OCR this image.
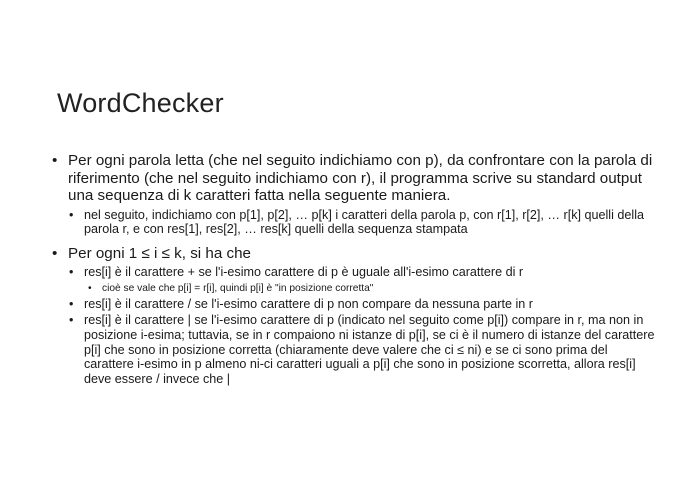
WordChecker
• Per ogni parola letta (che nel seguito indichiamo con p), da confrontare con la parola di riferimento (che nel seguito indichiamo con r), il programma scrive su standard output una sequenza di k caratteri fatta nella seguente maniera.
• nel seguito, indichiamo con p[1], p[2], … p[k] i caratteri della parola p, con r[1], r[2], … r[k] quelli della parola r, e con res[1], res[2], … res[k] quelli della sequenza stampata
• Per ogni 1 ≤ i ≤ k, si ha che
• res[i] è il carattere + se l'i-esimo carattere di p è uguale all'i-esimo carattere di r
• cioè se vale che p[i] = r[i], quindi p[i] è "in posizione corretta"
• res[i] è il carattere / se l'i-esimo carattere di p non compare da nessuna parte in r
• res[i] è il carattere | se l'i-esimo carattere di p (indicato nel seguito come p[i]) compare in r, ma non in posizione i-esima; tuttavia, se in r compaiono ni istanze di p[i], se ci è il numero di istanze del carattere p[i] che sono in posizione corretta (chiaramente deve valere che ci ≤ ni) e se ci sono prima del carattere i-esimo in p almeno ni-ci caratteri uguali a p[i] che sono in posizione scorretta, allora res[i] deve essere / invece che |
